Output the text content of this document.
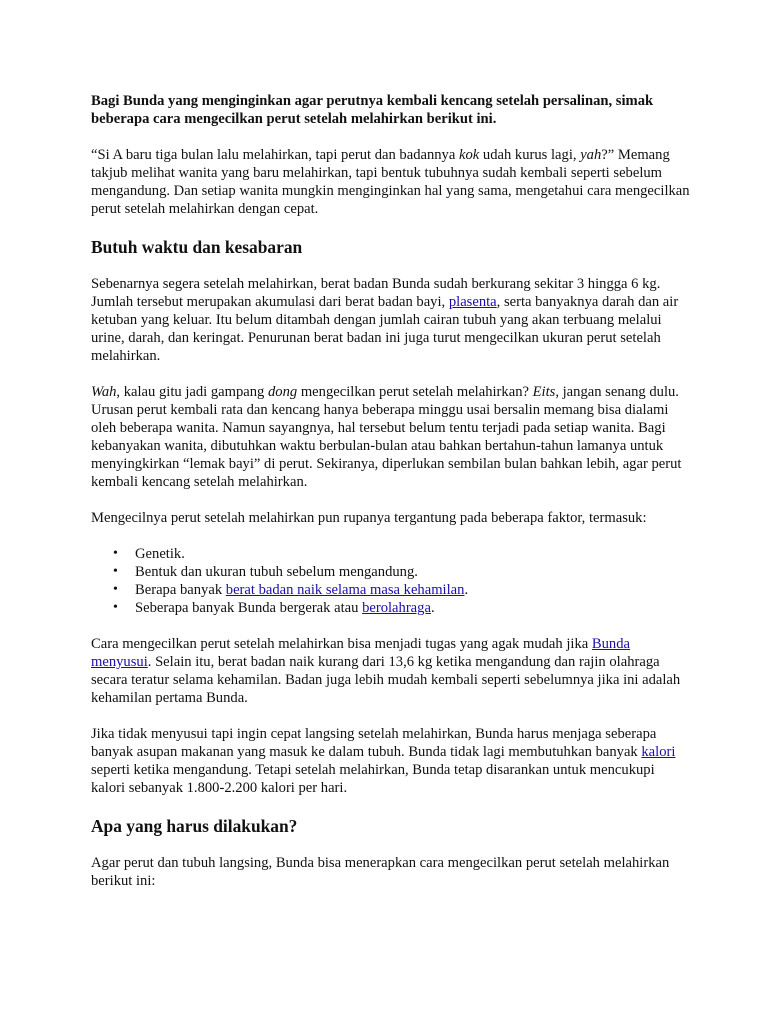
Bagi Bunda yang menginginkan agar perutnya kembali kencang setelah persalinan, simak beberapa cara mengecilkan perut setelah melahirkan berikut ini.

“Si A baru tiga bulan lalu melahirkan, tapi perut dan badannya kok udah kurus lagi, yah?” Memang takjub melihat wanita yang baru melahirkan, tapi bentuk tubuhnya sudah kembali seperti sebelum mengandung. Dan setiap wanita mungkin menginginkan hal yang sama, mengetahui cara mengecilkan perut setelah melahirkan dengan cepat.

Butuh waktu dan kesabaran

Sebenarnya segera setelah melahirkan, berat badan Bunda sudah berkurang sekitar 3 hingga 6 kg. Jumlah tersebut merupakan akumulasi dari berat badan bayi, plasenta, serta banyaknya darah dan air ketuban yang keluar. Itu belum ditambah dengan jumlah cairan tubuh yang akan terbuang melalui urine, darah, dan keringat. Penurunan berat badan ini juga turut mengecilkan ukuran perut setelah melahirkan.

Wah, kalau gitu jadi gampang dong mengecilkan perut setelah melahirkan? Eits, jangan senang dulu. Urusan perut kembali rata dan kencang hanya beberapa minggu usai bersalin memang bisa dialami oleh beberapa wanita. Namun sayangnya, hal tersebut belum tentu terjadi pada setiap wanita. Bagi kebanyakan wanita, dibutuhkan waktu berbulan-bulan atau bahkan bertahun-tahun lamanya untuk menyingkirkan “lemak bayi” di perut. Sekiranya, diperlukan sembilan bulan bahkan lebih, agar perut kembali kencang setelah melahirkan.

Mengecilnya perut setelah melahirkan pun rupanya tergantung pada beberapa faktor, termasuk:

• Genetik.
• Bentuk dan ukuran tubuh sebelum mengandung.
• Berapa banyak berat badan naik selama masa kehamilan.
• Seberapa banyak Bunda bergerak atau berolahraga.

Cara mengecilkan perut setelah melahirkan bisa menjadi tugas yang agak mudah jika Bunda menyusui. Selain itu, berat badan naik kurang dari 13,6 kg ketika mengandung dan rajin olahraga secara teratur selama kehamilan. Badan juga lebih mudah kembali seperti sebelumnya jika ini adalah kehamilan pertama Bunda.

Jika tidak menyusui tapi ingin cepat langsing setelah melahirkan, Bunda harus menjaga seberapa banyak asupan makanan yang masuk ke dalam tubuh. Bunda tidak lagi membutuhkan banyak kalori seperti ketika mengandung. Tetapi setelah melahirkan, Bunda tetap disarankan untuk mencukupi kalori sebanyak 1.800-2.200 kalori per hari.

Apa yang harus dilakukan?

Agar perut dan tubuh langsing, Bunda bisa menerapkan cara mengecilkan perut setelah melahirkan berikut ini:
